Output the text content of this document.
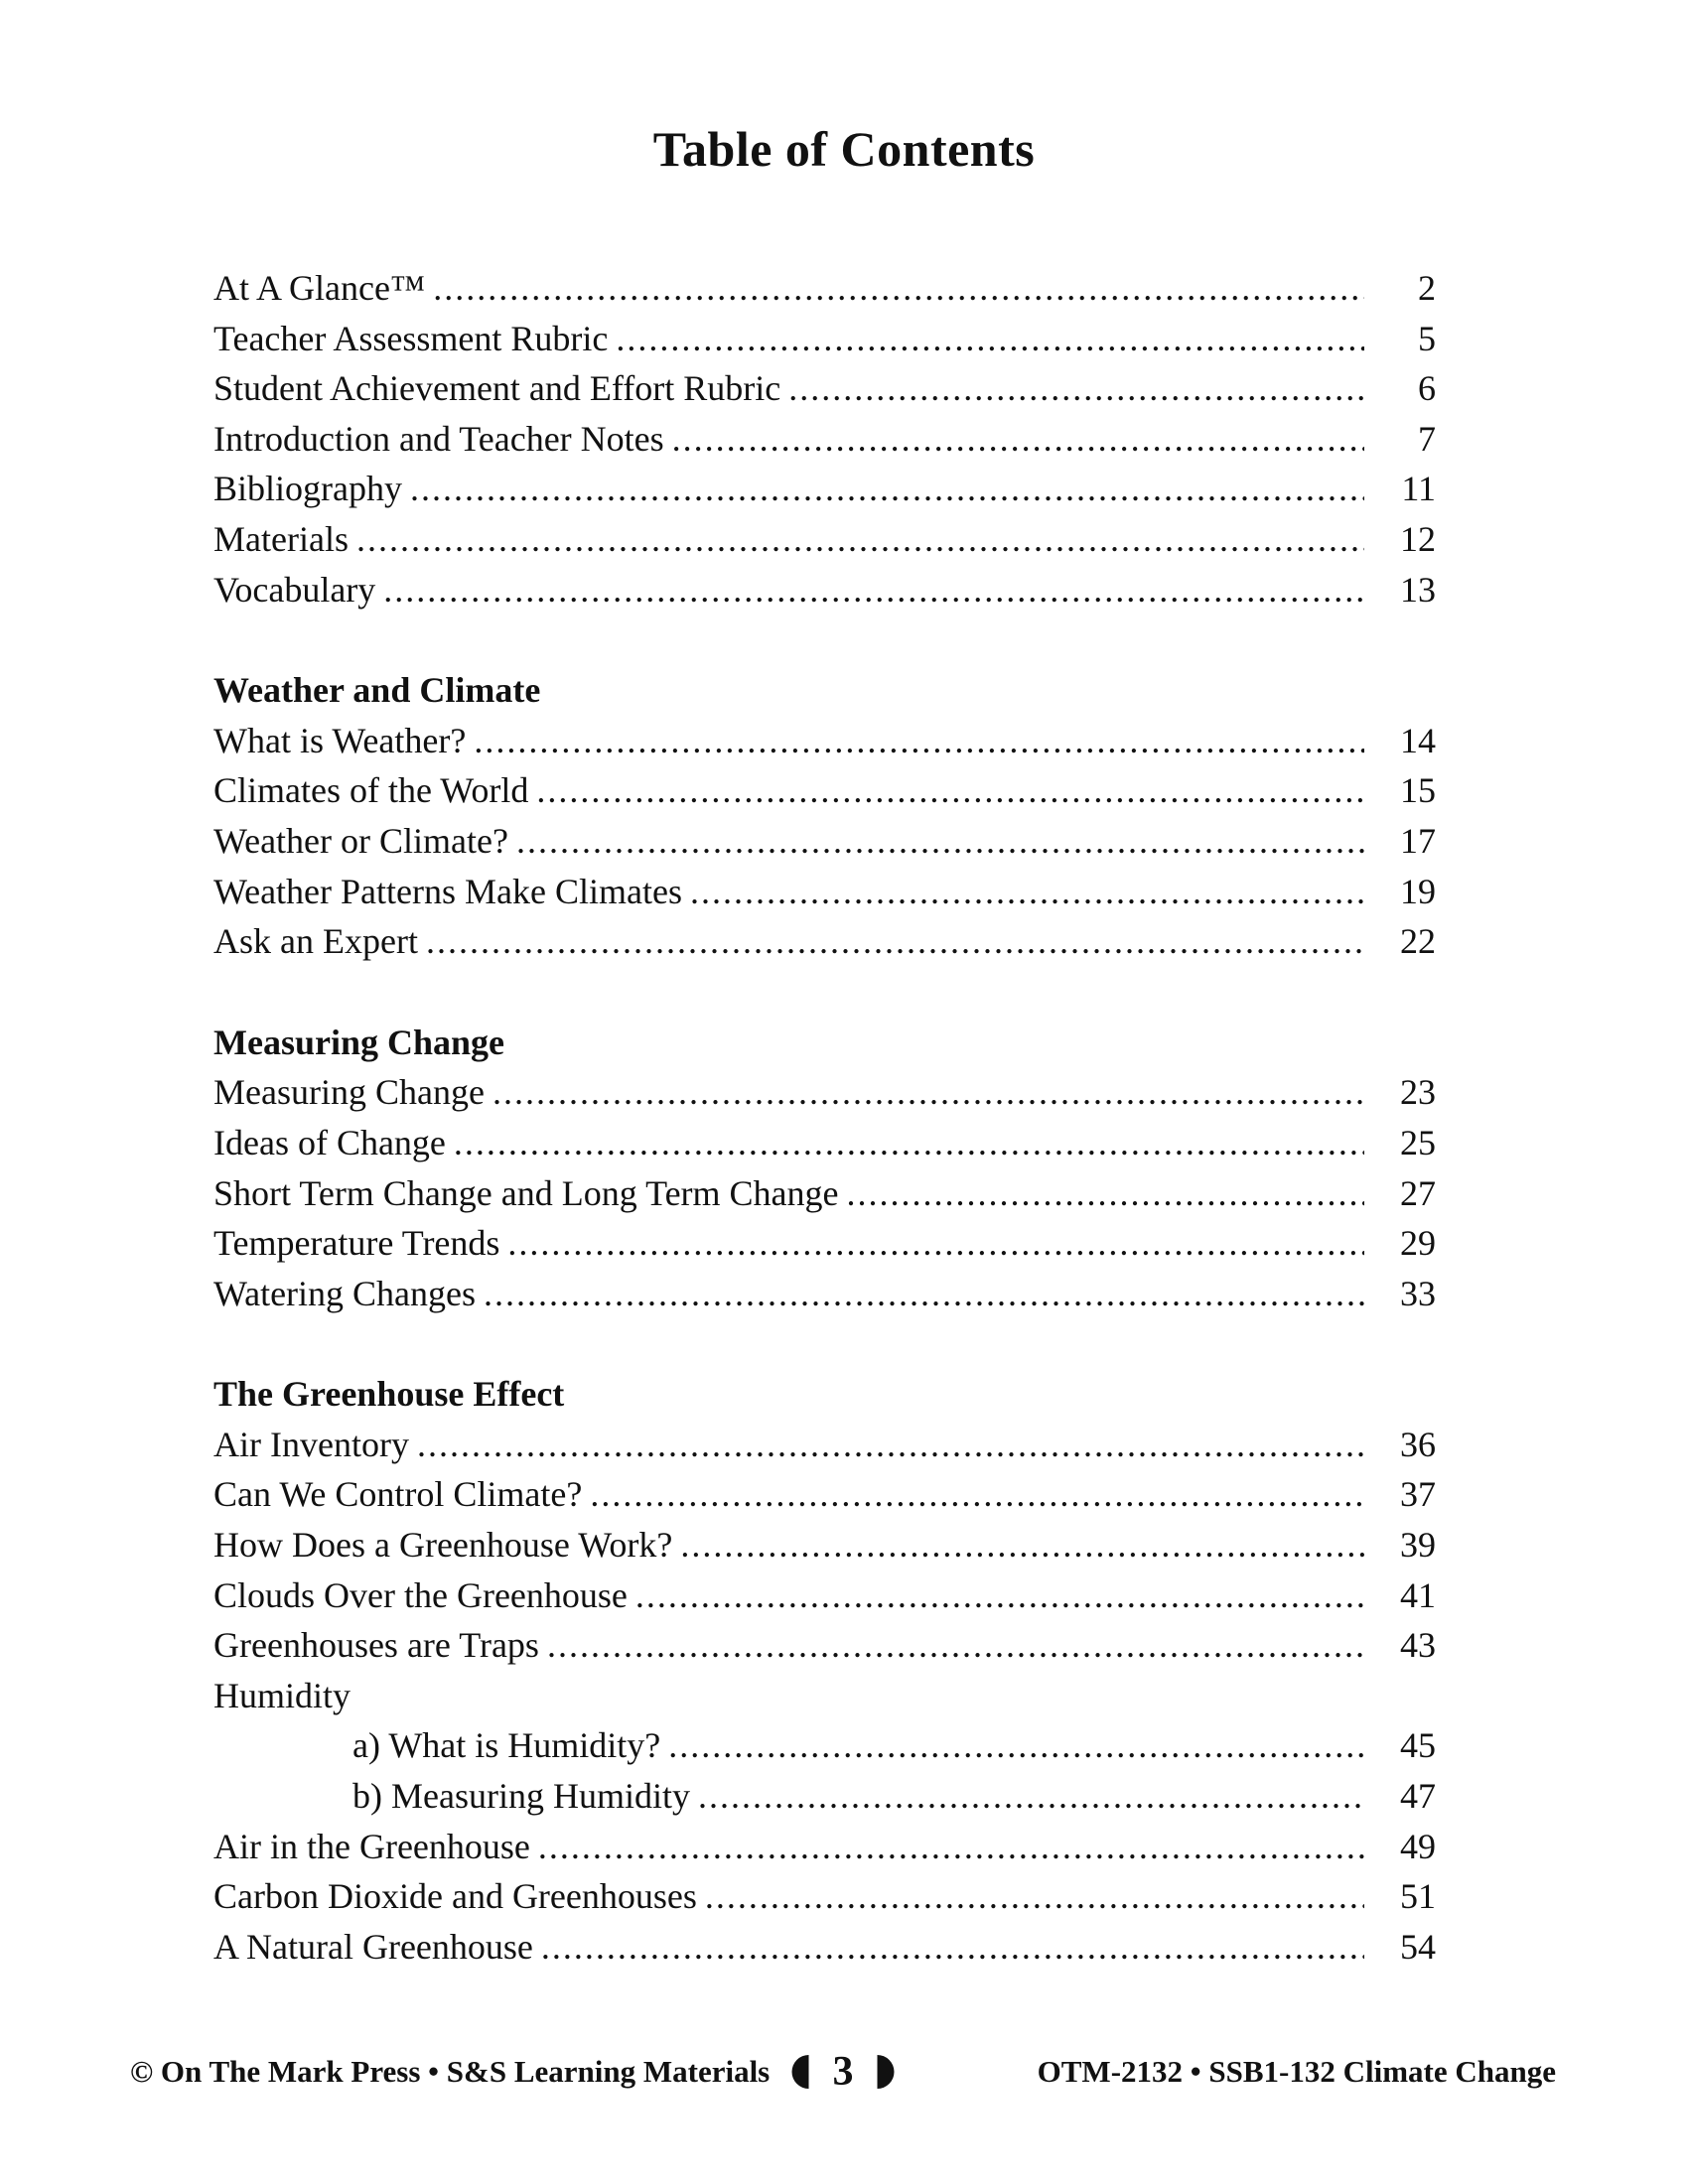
Table of Contents
At A Glance™ .....	2
Teacher Assessment Rubric .....	5
Student Achievement and Effort Rubric .....	6
Introduction and Teacher Notes .....	7
Bibliography .....	11
Materials .....	12
Vocabulary .....	13
Weather and Climate
What is Weather? .....	14
Climates of the World .....	15
Weather or Climate? .....	17
Weather Patterns Make Climates .....	19
Ask an Expert .....	22
Measuring Change
Measuring Change .....	23
Ideas of Change .....	25
Short Term Change and Long Term Change .....	27
Temperature Trends .....	29
Watering Changes .....	33
The Greenhouse Effect
Air Inventory .....	36
Can We Control Climate? .....	37
How Does a Greenhouse Work? .....	39
Clouds Over the Greenhouse .....	41
Greenhouses are Traps .....	43
Humidity
a) What is Humidity? .....	45
b) Measuring Humidity .....	47
Air in the Greenhouse .....	49
Carbon Dioxide and Greenhouses .....	51
A Natural Greenhouse .....	54
© On The Mark Press • S&S Learning Materials 3	OTM-2132 • SSB1-132 Climate Change
